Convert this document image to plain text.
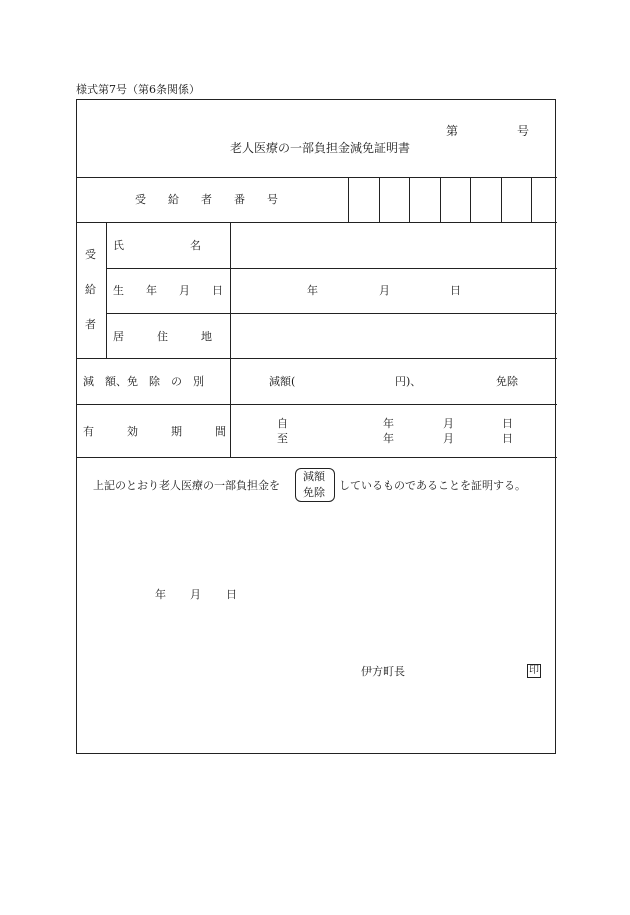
様式第7号（第6条関係）
第	号
老人医療の一部負担金減免証明書
受　　給　　者　　番　　号
受
給
者
氏　　　　　　名
生　　年　　月　　日	年	月	日
居　　　住　　　地
減　額、免　除　の　別	減額(	円)、	免除
有　　　効　　　期　　　間
自	年	月	日
至	年	月	日
上記のとおり老人医療の一部負担金を
減額
免除
しているものであることを証明する。
年 月 日
伊方町長	印
